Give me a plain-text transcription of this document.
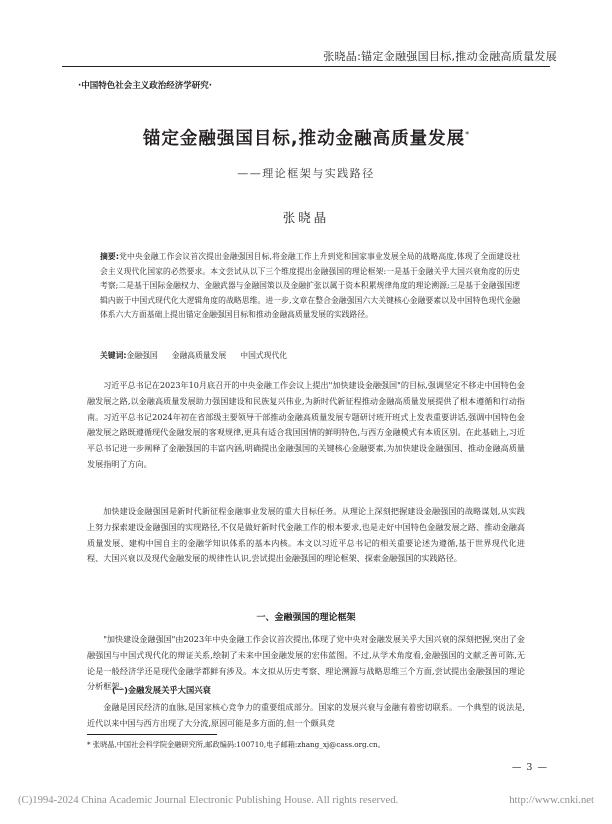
张晓晶:锚定金融强国目标,推动金融高质量发展
·中国特色社会主义政治经济学研究·
锚定金融强国目标,推动金融高质量发展*
——理论框架与实践路径
张晓晶
摘要:党中央金融工作会议首次提出金融强国目标,将金融工作上升到党和国家事业发展全局的战略高度,体现了全面建设社会主义现代化国家的必然要求。本文尝试从以下三个维度提出金融强国的理论框架:一是基于金融关乎大国兴衰角度的历史考察;二是基于国际金融权力、金融武器与金融国策以及金融扩张以属于资本积累规律角度的理论溯源;三是基于金融强国逻辑内嵌于中国式现代化大逻辑角度的战略思维。进一步,文章在整合金融强国六大关键核心金融要素以及中国特色现代金融体系六大方面基础上提出锚定金融强国目标和推动金融高质量发展的实践路径。
关键词:金融强国 金融高质量发展 中国式现代化

习近平总书记在2023年10月底召开的中央金融工作会议上提出"加快建设金融强国"的目标,强调坚定不移走中国特色金融发展之路,以金融高质量发展助力强国建设和民族复兴伟业,为新时代新征程推动金融高质量发展提供了根本遵循和行动指南。习近平总书记2024年初在省部级主要领导干部推动金融高质量发展专题研讨班开班式上发表重要讲话,强调中国特色金融发展之路既遵循现代金融发展的客观规律,更具有适合我国国情的鲜明特色,与西方金融模式有本质区别。在此基础上,习近平总书记进一步阐释了金融强国的丰富内涵,明确提出金融强国的关键核心金融要素,为加快建设金融强国、推动金融高质量发展指明了方向。

加快建设金融强国是新时代新征程金融事业发展的重大目标任务。从理论上深刻把握建设金融强国的战略谋划,从实践上努力探索建设金融强国的实现路径,不仅是做好新时代金融工作的根本要求,也是走好中国特色金融发展之路、推动金融高质量发展、建构中国自主的金融学知识体系的基本内核。本文以习近平总书记的相关重要论述为遵循,基于世界现代化进程、大国兴衰以及现代金融发展的规律性认识,尝试提出金融强国的理论框架、探索金融强国的实践路径。

一、金融强国的理论框架

"加快建设金融强国"由2023年中央金融工作会议首次提出,体现了党中央对金融发展关乎大国兴衰的深刻把握,突出了金融强国与中国式现代化的辩证关系,绘制了未来中国金融发展的宏伟蓝图。不过,从学术角度看,金融强国的文献乏善可陈,无论是一般经济学还是现代金融学都鲜有涉及。本文拟从历史考察、理论溯源与战略思维三个方面,尝试提出金融强国的理论分析框架。

(一)金融发展关乎大国兴衰

金融是国民经济的血脉,是国家核心竞争力的重要组成部分。国家的发展兴衰与金融有着密切联系。一个典型的说法是,近代以来中国与西方出现了大分流,原因可能是多方面的,但一个颇具竞

* 张晓晶,中国社会科学院金融研究所,邮政编码:100710,电子邮箱:zhang_xj@cass.org.cn。
— 3 —
(C)1994-2024 China Academic Journal Electronic Publishing House. All rights reserved.	http://www.cnki.net
